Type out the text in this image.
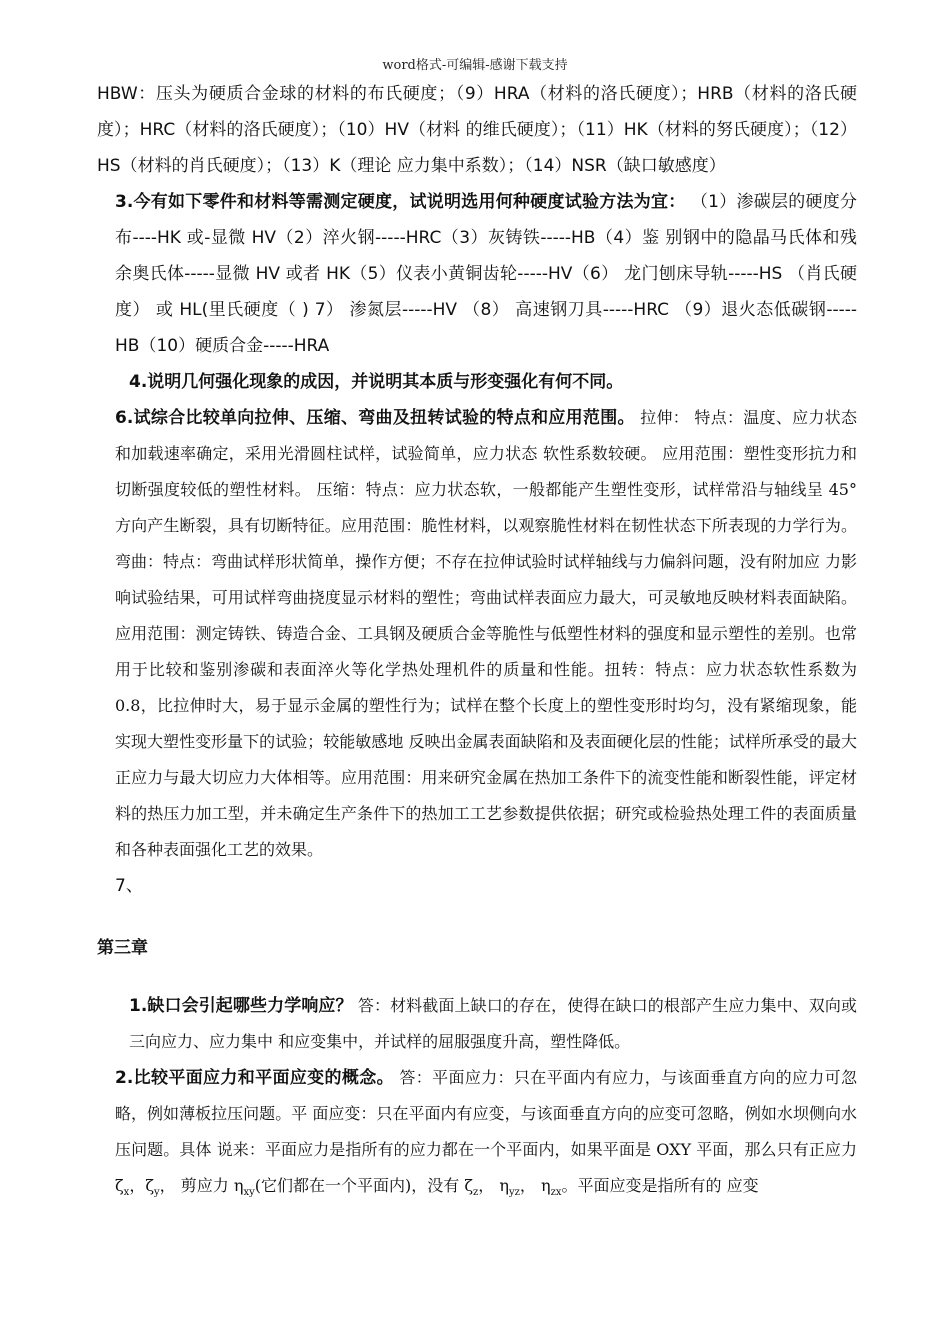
word格式-可编辑-感谢下载支持

HBW：压头为硬质合金球的材料的布氏硬度；（9）HRA（材料的洛氏硬度）；HRB（材料的洛氏硬度）；HRC（材料的洛氏硬度）；（10）HV（材料 的维氏硬度）；（11）HK（材料的努氏硬度）；（12）HS（材料的肖氏硬度）；（13）K（理论 应力集中系数）；（14）NSR（缺口敏感度）

3.今有如下零件和材料等需测定硬度，试说明选用何种硬度试验方法为宜： （1）渗碳层的硬度分布----HK 或-显微 HV（2）淬火钢-----HRC（3）灰铸铁-----HB（4）鉴 别钢中的隐晶马氏体和残余奥氏体-----显微 HV 或者 HK（5）仪表小黄铜齿轮-----HV（6） 龙门刨床导轨-----HS （肖氏硬度） 或 HL(里氏硬度（ ) 7） 渗氮层-----HV （8） 高速钢刀具-----HRC （9）退火态低碳钢-----HB（10）硬质合金-----HRA

4.说明几何强化现象的成因，并说明其本质与形变强化有何不同。

6.试综合比较单向拉伸、压缩、弯曲及扭转试验的特点和应用范围。 拉伸： 特点：温度、应力状态和加载速率确定，采用光滑圆柱试样，试验简单，应力状态 软性系数较硬。 应用范围：塑性变形抗力和切断强度较低的塑性材料。 压缩：特点：应力状态软，一般都能产生塑性变形，试样常沿与轴线呈 45° 方向产生断裂，具有切断特征。应用范围：脆性材料，以观察脆性材料在韧性状态下所表现的力学行为。 弯曲：特点：弯曲试样形状简单，操作方便；不存在拉伸试验时试样轴线与力偏斜问题，没有附加应 力影响试验结果，可用试样弯曲挠度显示材料的塑性；弯曲试样表面应力最大，可灵敏地反映材料表面缺陷。应用范围：测定铸铁、铸造合金、工具钢及硬质合金等脆性与低塑性材料的强度和显示塑性的差别。也常用于比较和鉴别渗碳和表面淬火等化学热处理机件的质量和性能。扭转：特点：应力状态软性系数为 0.8，比拉伸时大，易于显示金属的塑性行为；试样在整个长度上的塑性变形时均匀，没有紧缩现象，能实现大塑性变形量下的试验；较能敏感地 反映出金属表面缺陷和及表面硬化层的性能；试样所承受的最大正应力与最大切应力大体相等。应用范围：用来研究金属在热加工条件下的流变性能和断裂性能，评定材料的热压力加工型，并未确定生产条件下的热加工工艺参数提供依据；研究或检验热处理工件的表面质量和各种表面强化工艺的效果。

7、

第三章

1.缺口会引起哪些力学响应？ 答：材料截面上缺口的存在，使得在缺口的根部产生应力集中、双向或三向应力、应力集中 和应变集中，并试样的屈服强度升高，塑性降低。

2.比较平面应力和平面应变的概念。 答：平面应力：只在平面内有应力，与该面垂直方向的应力可忽略，例如薄板拉压问题。平 面应变：只在平面内有应变，与该面垂直方向的应变可忽略，例如水坝侧向水压问题。具体 说来：平面应力是指所有的应力都在一个平面内，如果平面是 OXY 平面，那么只有正应力 $\zeta_x$，$\zeta_y$， 剪应力 $\eta_{xy}$(它们都在一个平面内)，没有 $\zeta_z$， $\eta_{yz}$， $\eta_{zx}$。平面应变是指所有的 应变
